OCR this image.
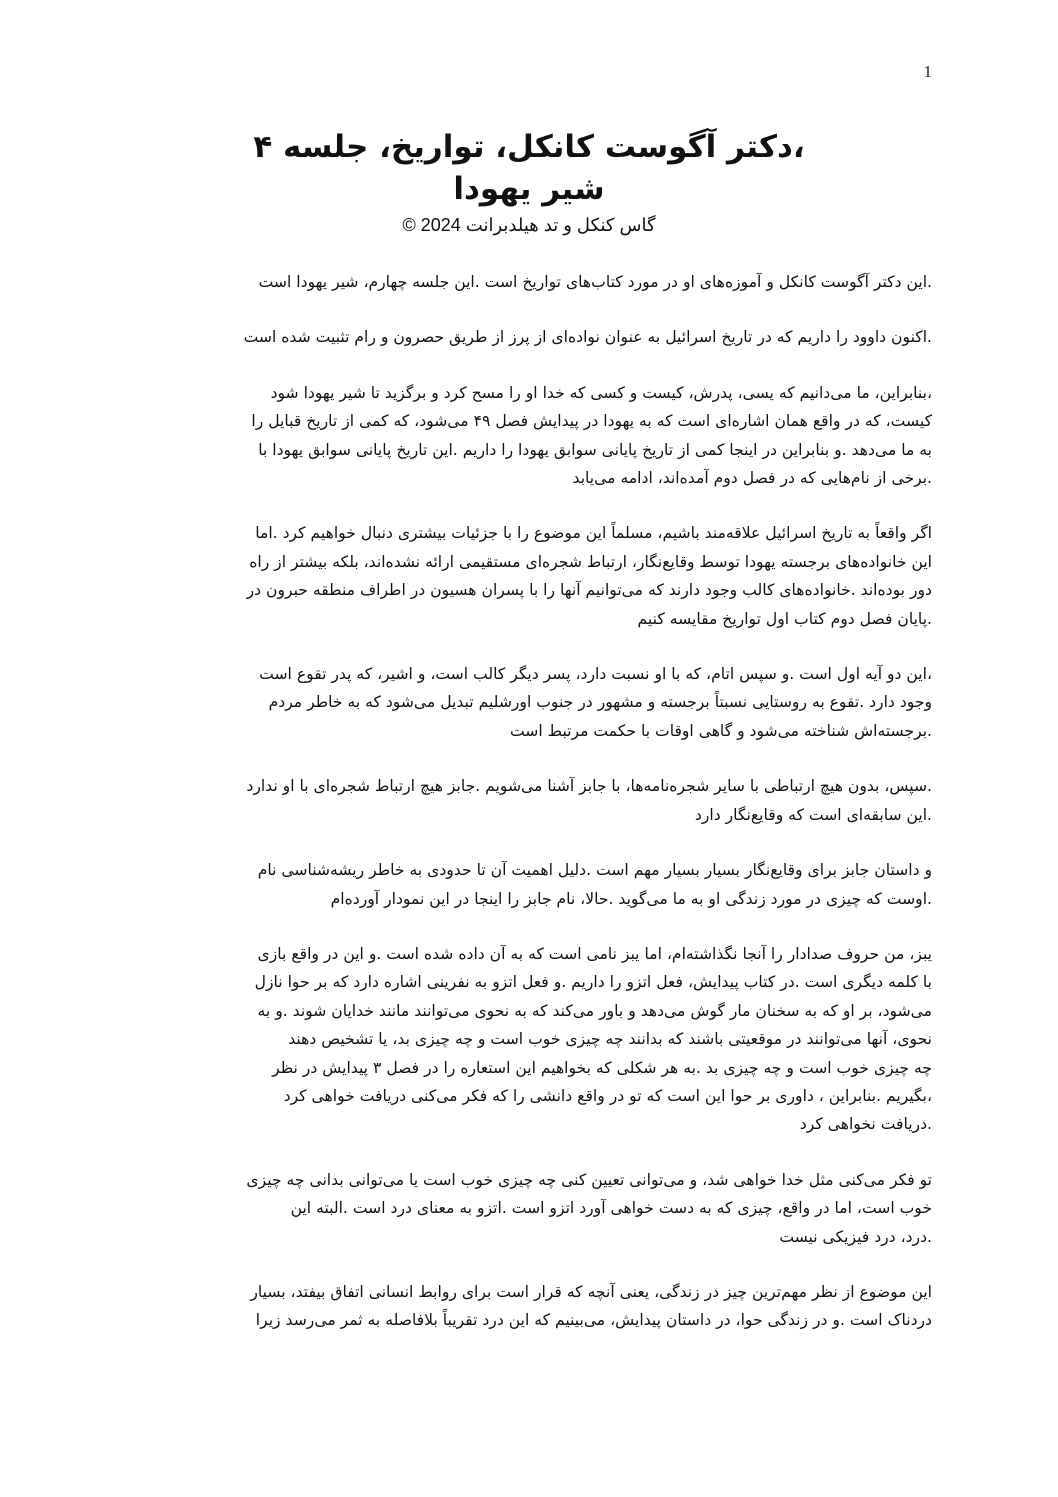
1
،دکتر آگوست کانکل، تواریخ، جلسه ۴
شیر یهودا
گاس کنکل و تد هیلدبرانت 2024 ©

.این دکتر آگوست کانکل و آموزه‌های او در مورد کتاب‌های تواریخ است .این جلسه چهارم، شیر یهودا است

.اکنون داوود را داریم که در تاریخ اسرائیل به عنوان نواده‌ای از پرز از طریق حصرون و رام تثبیت شده است

،بنابراین، ما می‌دانیم که یسی، پدرش، کیست و کسی که خدا او را مسح کرد و برگزید تا شیر یهودا شود
کیست، که در واقع همان اشاره‌ای است که به یهودا در پیدایش فصل ۴۹ می‌شود، که کمی از تاریخ قبایل را
به ما می‌دهد .و بنابراین در اینجا کمی از تاریخ پایانی سوابق یهودا را داریم .این تاریخ پایانی سوابق یهودا با
.برخی از نام‌هایی که در فصل دوم آمده‌اند، ادامه می‌یابد

اگر واقعاً به تاریخ اسرائیل علاقه‌مند باشیم، مسلماً این موضوع را با جزئیات بیشتری دنبال خواهیم کرد .اما
این خانواده‌های برجسته یهودا توسط وقایع‌نگار، ارتباط شجره‌ای مستقیمی ارائه نشده‌اند، بلکه بیشتر از راه
دور بوده‌اند .خانواده‌های کالب وجود دارند که می‌توانیم آنها را با پسران هسیون در اطراف منطقه حبرون در
.پایان فصل دوم کتاب اول تواریخ مقایسه کنیم

،این دو آیه اول است .و سپس اتام، که با او نسبت دارد، پسر دیگر کالب است، و اشیر، که پدر تقوع است
وجود دارد .تقوع به روستایی نسبتاً برجسته و مشهور در جنوب اورشلیم تبدیل می‌شود که به خاطر مردم
.برجسته‌اش شناخته می‌شود و گاهی اوقات با حکمت مرتبط است

.سپس، بدون هیچ ارتباطی با سایر شجره‌نامه‌ها، با جابز آشنا می‌شویم .جابز هیچ ارتباط شجره‌ای با او ندارد
.این سابقه‌ای است که وقایع‌نگار دارد

و داستان جابز برای وقایع‌نگار بسیار بسیار مهم است .دلیل اهمیت آن تا حدودی به خاطر ریشه‌شناسی نام
.اوست که چیزی در مورد زندگی او به ما می‌گوید .حالا، نام جابز را اینجا در این نمودار آورده‌ام

یبز، من حروف صدادار را آنجا نگذاشته‌ام، اما یبز نامی است که به آن داده شده است .و این در واقع بازی
با کلمه دیگری است .در کتاب پیدایش، فعل اتزو را داریم .و فعل اتزو به نفرینی اشاره دارد که بر حوا نازل
می‌شود، بر او که به سخنان مار گوش می‌دهد و باور می‌کند که به نحوی می‌توانند مانند خدایان شوند .و به
نحوی، آنها می‌توانند در موقعیتی باشند که بدانند چه چیزی خوب است و چه چیزی بد، یا تشخیص دهند
چه چیزی خوب است و چه چیزی بد .به هر شکلی که بخواهیم این استعاره را در فصل ۳ پیدایش در نظر
،بگیریم .بنابراین ، داوری بر حوا این است که تو در واقع دانشی را که فکر می‌کنی دریافت خواهی کرد
.دریافت نخواهی کرد

تو فکر می‌کنی مثل خدا خواهی شد، و می‌توانی تعیین کنی چه چیزی خوب است یا می‌توانی بدانی چه چیزی
خوب است، اما در واقع، چیزی که به دست خواهی آورد اتزو است .اتزو به معنای درد است .البته این
.درد، درد فیزیکی نیست

این موضوع از نظر مهم‌ترین چیز در زندگی، یعنی آنچه که قرار است برای روابط انسانی اتفاق بیفتد، بسیار
دردناک است .و در زندگی حوا، در داستان پیدایش، می‌بینیم که این درد تقریباً بلافاصله به ثمر می‌رسد زیرا
